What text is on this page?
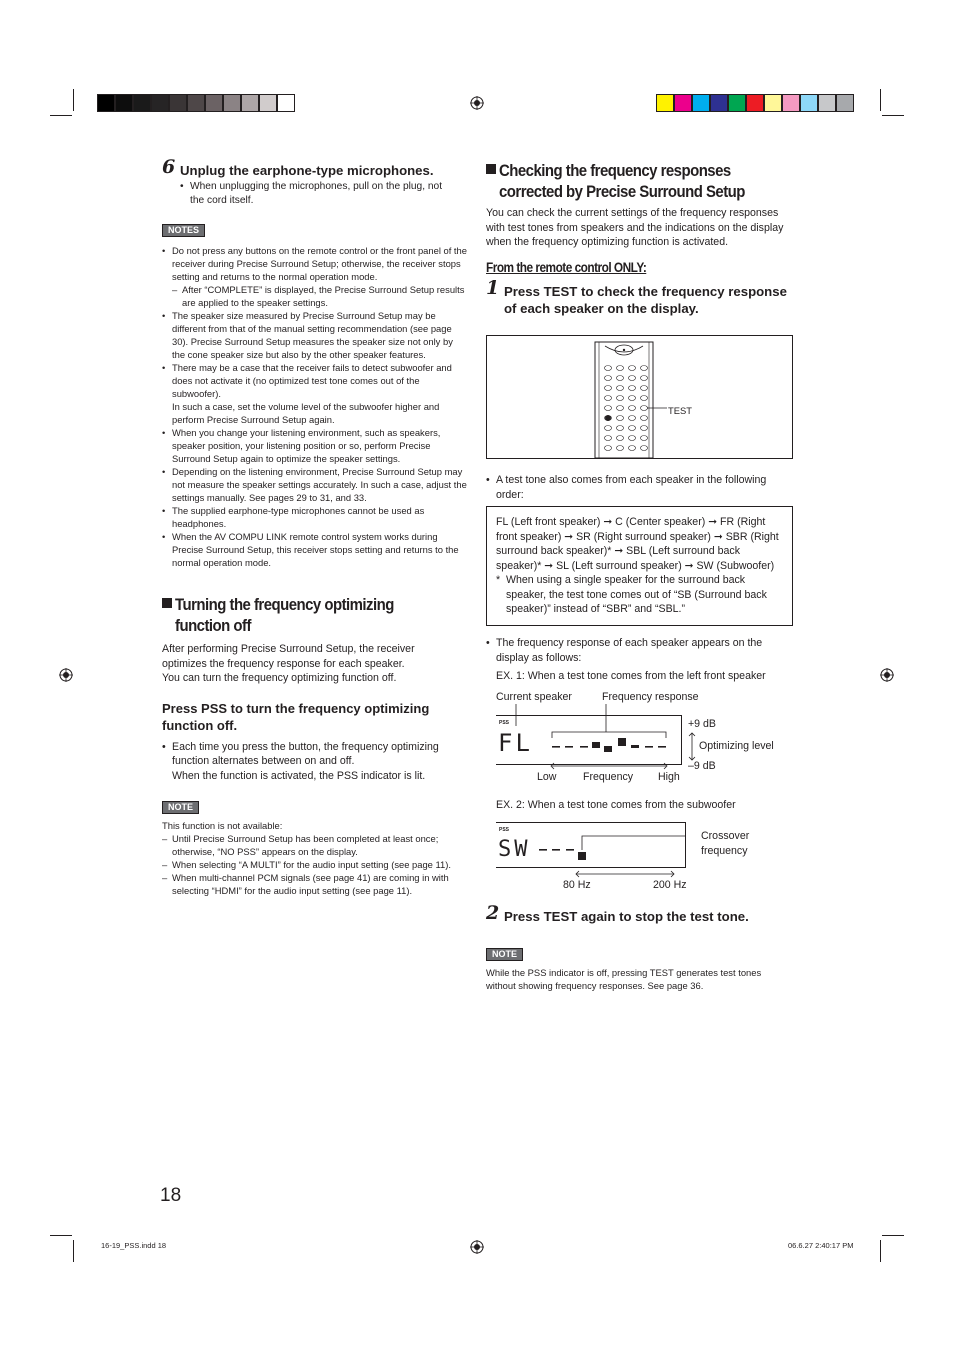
6 Unplug the earphone-type microphones.
• When unplugging the microphones, pull on the plug, not the cord itself.
NOTES
• Do not press any buttons on the remote control or the front panel of the receiver during Precise Surround Setup; otherwise, the receiver stops setting and returns to the normal operation mode.
– After “COMPLETE” is displayed, the Precise Surround Setup results are applied to the speaker settings.
• The speaker size measured by Precise Surround Setup may be different from that of the manual setting recommendation (see page 30). Precise Surround Setup measures the speaker size not only by the cone speaker size but also by the other speaker features.
• There may be a case that the receiver fails to detect subwoofer and does not activate it (no optimized test tone comes out of the subwoofer).
In such a case, set the volume level of the subwoofer higher and perform Precise Surround Setup again.
• When you change your listening environment, such as speakers, speaker position, your listening position or so, perform Precise Surround Setup again to optimize the speaker settings.
• Depending on the listening environment, Precise Surround Setup may not measure the speaker settings accurately. In such a case, adjust the settings manually. See pages 29 to 31, and 33.
• The supplied earphone-type microphones cannot be used as headphones.
• When the AV COMPU LINK remote control system works during Precise Surround Setup, this receiver stops setting and returns to the normal operation mode.
Turning the frequency optimizing function off
After performing Precise Surround Setup, the receiver optimizes the frequency response for each speaker.
You can turn the frequency optimizing function off.
Press PSS to turn the frequency optimizing function off.
• Each time you press the button, the frequency optimizing function alternates between on and off.
When the function is activated, the PSS indicator is lit.
NOTE
This function is not available:
– Until Precise Surround Setup has been completed at least once; otherwise, “NO PSS” appears on the display.
– When selecting “A MULTI” for the audio input setting (see page 11).
– When multi-channel PCM signals (see page 41) are coming in with selecting “HDMI” for the audio input setting (see page 11).
Checking the frequency responses corrected by Precise Surround Setup
You can check the current settings of the frequency responses with test tones from speakers and the indications on the display when the frequency optimizing function is activated.
From the remote control ONLY:
1 Press TEST to check the frequency response of each speaker on the display.
TEST
• A test tone also comes from each speaker in the following order:
FL (Left front speaker) ➞ C (Center speaker) ➞ FR (Right front speaker) ➞ SR (Right surround speaker) ➞ SBR (Right surround back speaker)* ➞ SBL (Left surround back speaker)* ➞ SL (Left surround speaker) ➞ SW (Subwoofer)
* When using a single speaker for the surround back speaker, the test tone comes out of “SB (Surround back speaker)” instead of “SBR” and “SBL.”
• The frequency response of each speaker appears on the display as follows:
EX. 1: When a test tone comes from the left front speaker
Current speaker	Frequency response
+9 dB
Optimizing level
–9 dB
Low	Frequency High
PSS
FL
EX. 2: When a test tone comes from the subwoofer
Crossover
frequency
80 Hz	200 Hz
PSS
SW
2 Press TEST again to stop the test tone.
NOTE
While the PSS indicator is off, pressing TEST generates test tones without showing frequency responses. See page 36.
18
16-19_PSS.indd 18	06.6.27 2:40:17 PM
